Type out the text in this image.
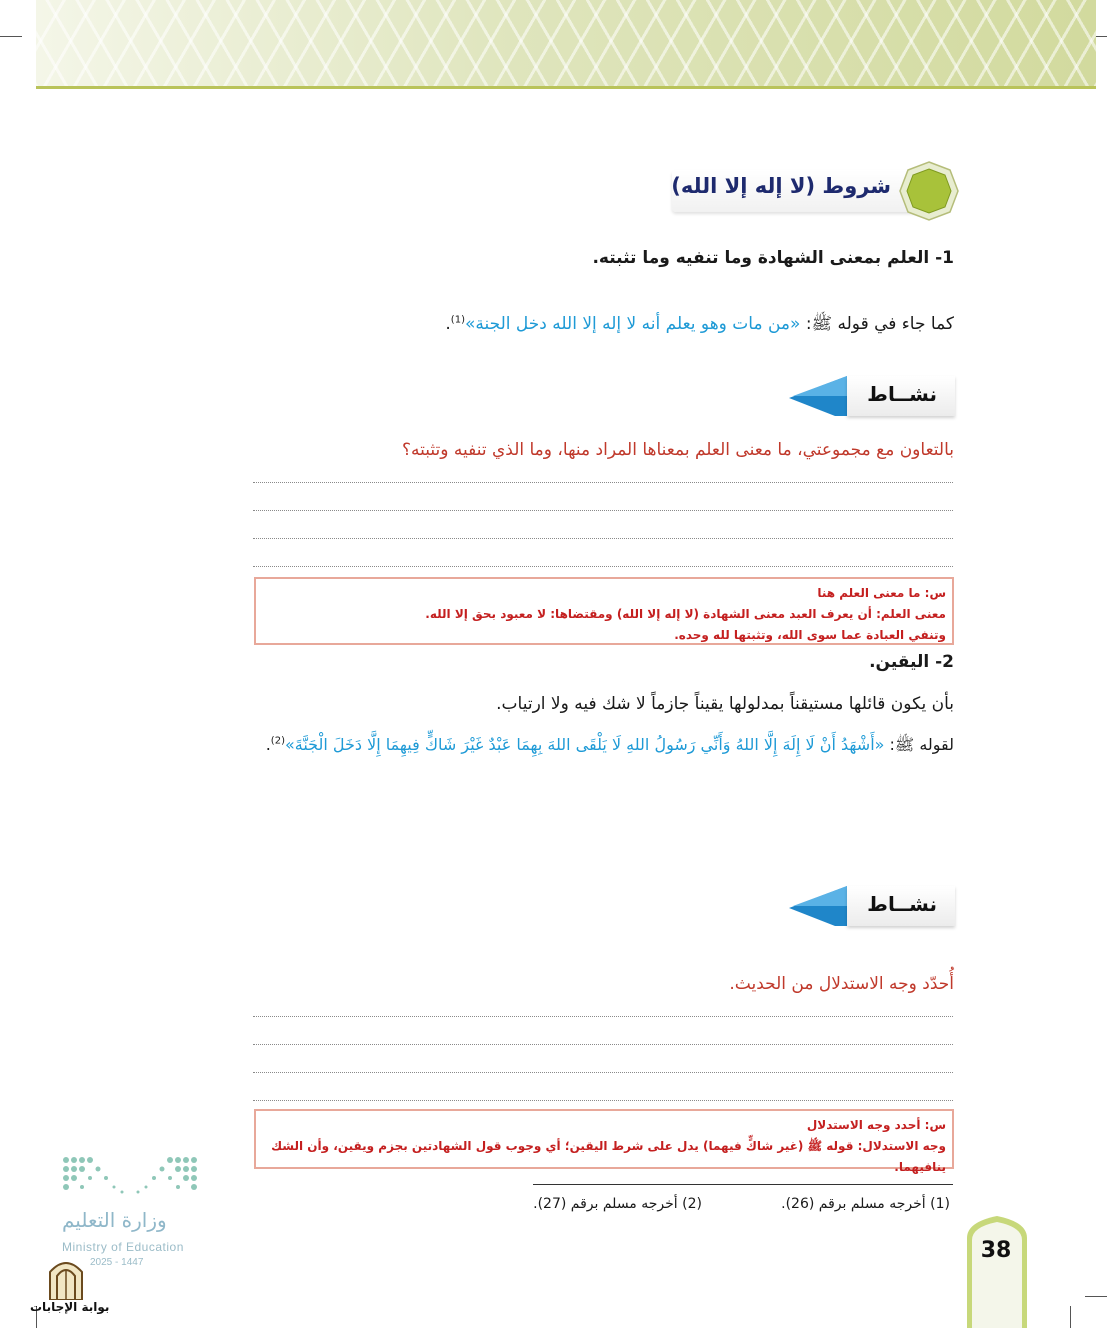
شروط (لا إله إلا الله)
1- العلم بمعنى الشهادة وما تنفيه وما تثبته.
كما جاء في قوله ﷺ: «من مات وهو يعلم أنه لا إله إلا الله دخل الجنة»$^{(1)}$.
نشــاط
بالتعاون مع مجموعتي، ما معنى العلم بمعناها المراد منها، وما الذي تنفيه وتثبته؟
س: ما معنى العلم هنا
معنى العلم: أن يعرف العبد معنى الشهادة (لا إله إلا الله) ومقتضاها: لا معبود بحق إلا الله.
وتنفي العبادة عما سوى الله، وتثبتها لله وحده.
2- اليقين.
بأن يكون قائلها مستيقناً بمدلولها يقيناً جازماً لا شك فيه ولا ارتياب.
لقوله ﷺ: «أَشْهَدُ أَنْ لَا إِلَهَ إِلَّا اللهُ وَأَنِّي رَسُولُ اللهِ لَا يَلْقَى اللهَ بِهِمَا عَبْدٌ غَيْرَ شَاكٍّ فِيهِمَا إِلَّا دَخَلَ الْجَنَّةَ»$^{(2)}$.
نشــاط
أُحدّد وجه الاستدلال من الحديث.
س: أحدد وجه الاستدلال
وجه الاستدلال: قوله ﷺ (غير شاكٍّ فيهما) يدل على شرط اليقين؛ أي وجوب قول الشهادتين بجزم ويقين، وأن الشك ينافيهما.
(1) أخرجه مسلم برقم (26).
(2) أخرجه مسلم برقم (27).
38
وزارة التعليم
Ministry of Education
2025 - 1447
بوابة الإجابات
